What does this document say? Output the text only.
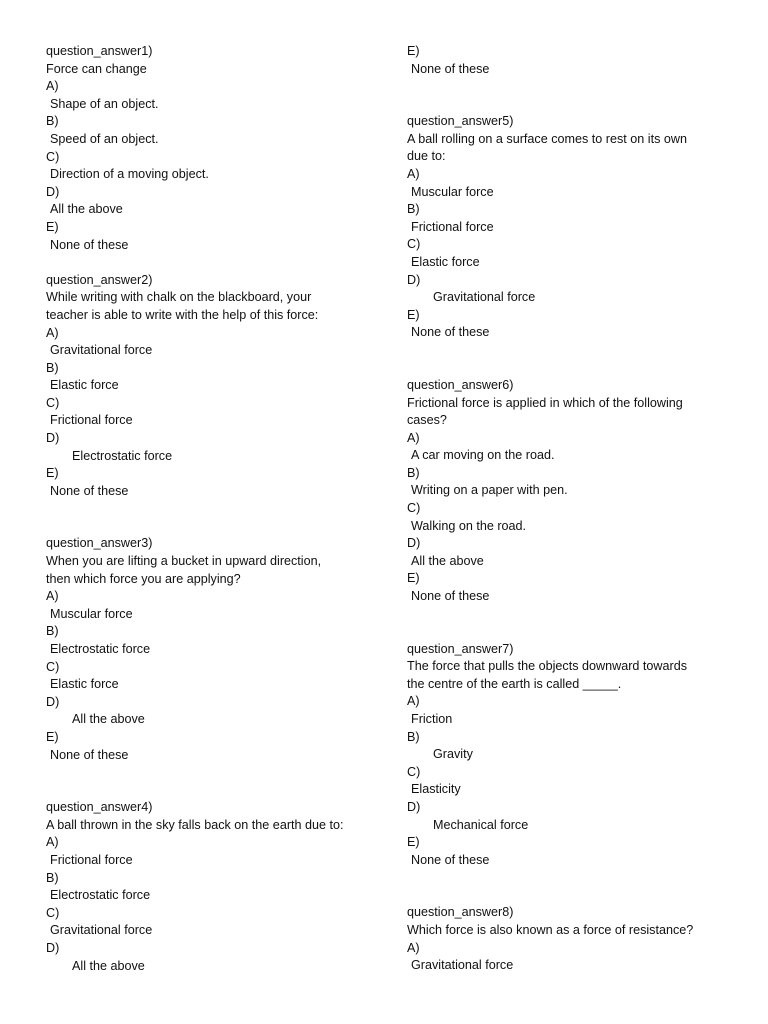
question_answer1)
Force can change
A)
Shape of an object.
B)
Speed of an object.
C)
Direction of a moving object.
D)
All the above
E)
None of these
question_answer2)
While writing with chalk on the blackboard, your
teacher is able to write with the help of this force:
A)
Gravitational force
B)
Elastic force
C)
Frictional force
D)
Electrostatic force
E)
None of these
question_answer3)
When you are lifting a bucket in upward direction,
then which force you are applying?
A)
Muscular force
B)
Electrostatic force
C)
Elastic force
D)
All the above
E)
None of these
question_answer4)
A ball thrown in the sky falls back on the earth due to:
A)
Frictional force
B)
Electrostatic force
C)
Gravitational force
D)
All the above
E)
None of these
question_answer5)
A ball rolling on a surface comes to rest on its own
due to:
A)
Muscular force
B)
Frictional force
C)
Elastic force
D)
Gravitational force
E)
None of these
question_answer6)
Frictional force is applied in which of the following
cases?
A)
A car moving on the road.
B)
Writing on a paper with pen.
C)
Walking on the road.
D)
All the above
E)
None of these
question_answer7)
The force that pulls the objects downward towards
the centre of the earth is called _____.
A)
Friction
B)
Gravity
C)
Elasticity
D)
Mechanical force
E)
None of these
question_answer8)
Which force is also known as a force of resistance?
A)
Gravitational force
